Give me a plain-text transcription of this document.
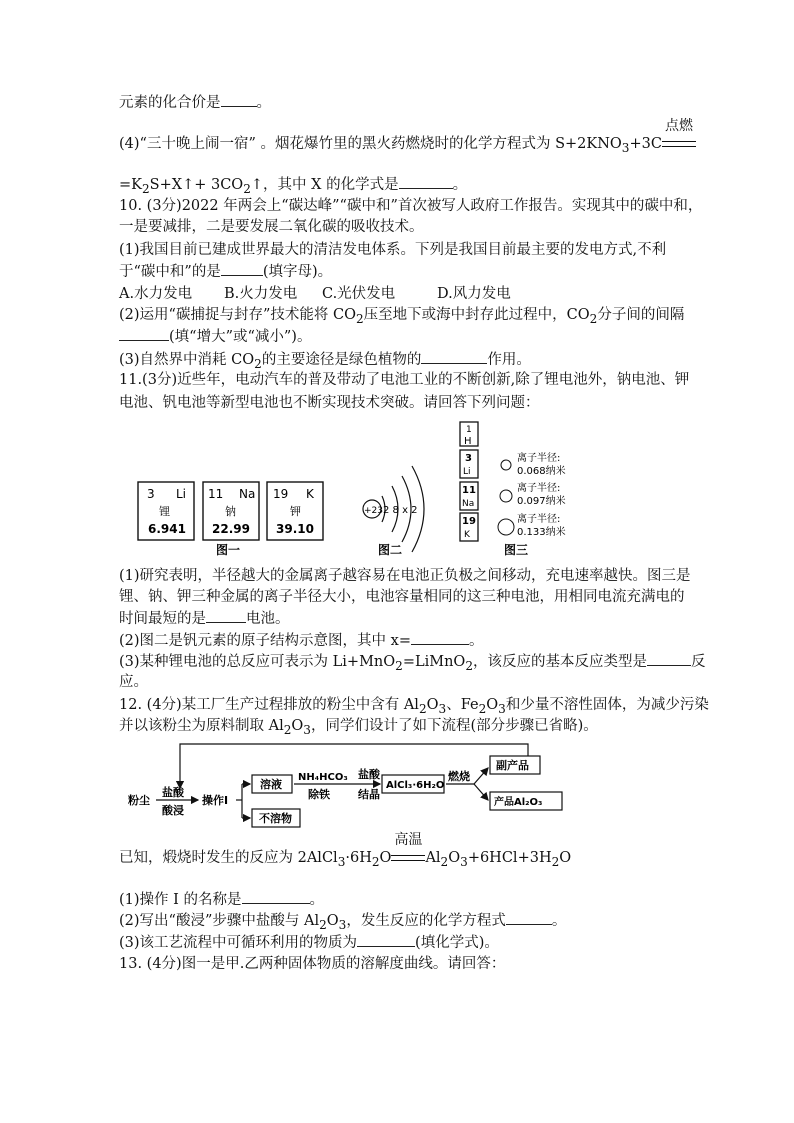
元素的化合价是 。
(4)“三十晚上闹一宿” 。烟花爆竹里的黑火药燃烧时的化学方程式为 $S+2KNO_3+3C$
点燃
$=K_2S+X↑+$ $3CO_2↑$，其中 X 的化学式是	。
10. (3分)2022 年两会上“碳达峰”“碳中和”首次被写人政府工作报告。实现其中的碳中和，
一是要减排，二是要发展二氧化碳的吸收技术。
(1)我国目前已建成世界最大的清洁发电体系。下列是我国目前最主要的发电方式,不利
于“碳中和”的是	(填字母)。
A.水力发电 B.火力发电 C.光伏发电	D.风力发电
(2)运用“碳捕捉与封存”技术能将 $CO_2$压至地下或海中封存此过程中，$CO_2$分子间的间隔
(填“增大”或“减小”)。
(3)自然界中消耗 $CO_2$的主要途径是绿色植物的	作用。
11.(3分)近些年，电动汽车的普及带动了电池工业的不断创新,除了锂电池外，钠电池、钾
电池、钒电池等新型电池也不断实现技术突破。请回答下列问题：
3 Li
锂
6.941
11 Na
钠
22.99
19 K
钾
39.10
图一
+23 2 8 x 2
图二
1
H
3
Li
离子半径:
0.068纳米
11
Na
离子半径:
0.097纳米
19
K
离子半径:
0.133纳米
图三
(1)研究表明，半径越大的金属离子越容易在电池正负极之间移动，充电速率越快。图三是
锂、钠、钾三种金属的离子半径大小，电池容量相同的这三种电池，用相同电流充满电的
时间最短的是	电池。
(2)图二是钒元素的原子结构示意图，其中 x=	。
(3)某种锂电池的总反应可表示为 Li+MnO$_2$=LiMnO$_2$，该反应的基本反应类型是	反
应。
12. (4分)某工厂生产过程排放的粉尘中含有 $Al_2O_3$、$Fe_2O_3$和少量不溶性固体，为减少污染
并以该粉尘为原料制取 $Al_2O_3$，同学们设计了如下流程(部分步骤已省略)。
粉尘
盐酸
酸浸
操作I
溶液
不溶物
NH₄HCO₃
除铁
盐酸
结晶
AlCl₃·6H₂O
燃烧
副产品
产品Al₂O₃
已知，煅烧时发生的反应为 $2AlCl_3\cdot 6H_2O$
高温
$Al_2O_3+6HCl+3H_2O$
(1)操作 I 的名称是	。
(2)写出“酸浸”步骤中盐酸与 $Al_2O_3$，发生反应的化学方程式	。
(3)该工艺流程中可循环利用的物质为	(填化学式)。
13. (4分)图一是甲.乙两种固体物质的溶解度曲线。请回答：
